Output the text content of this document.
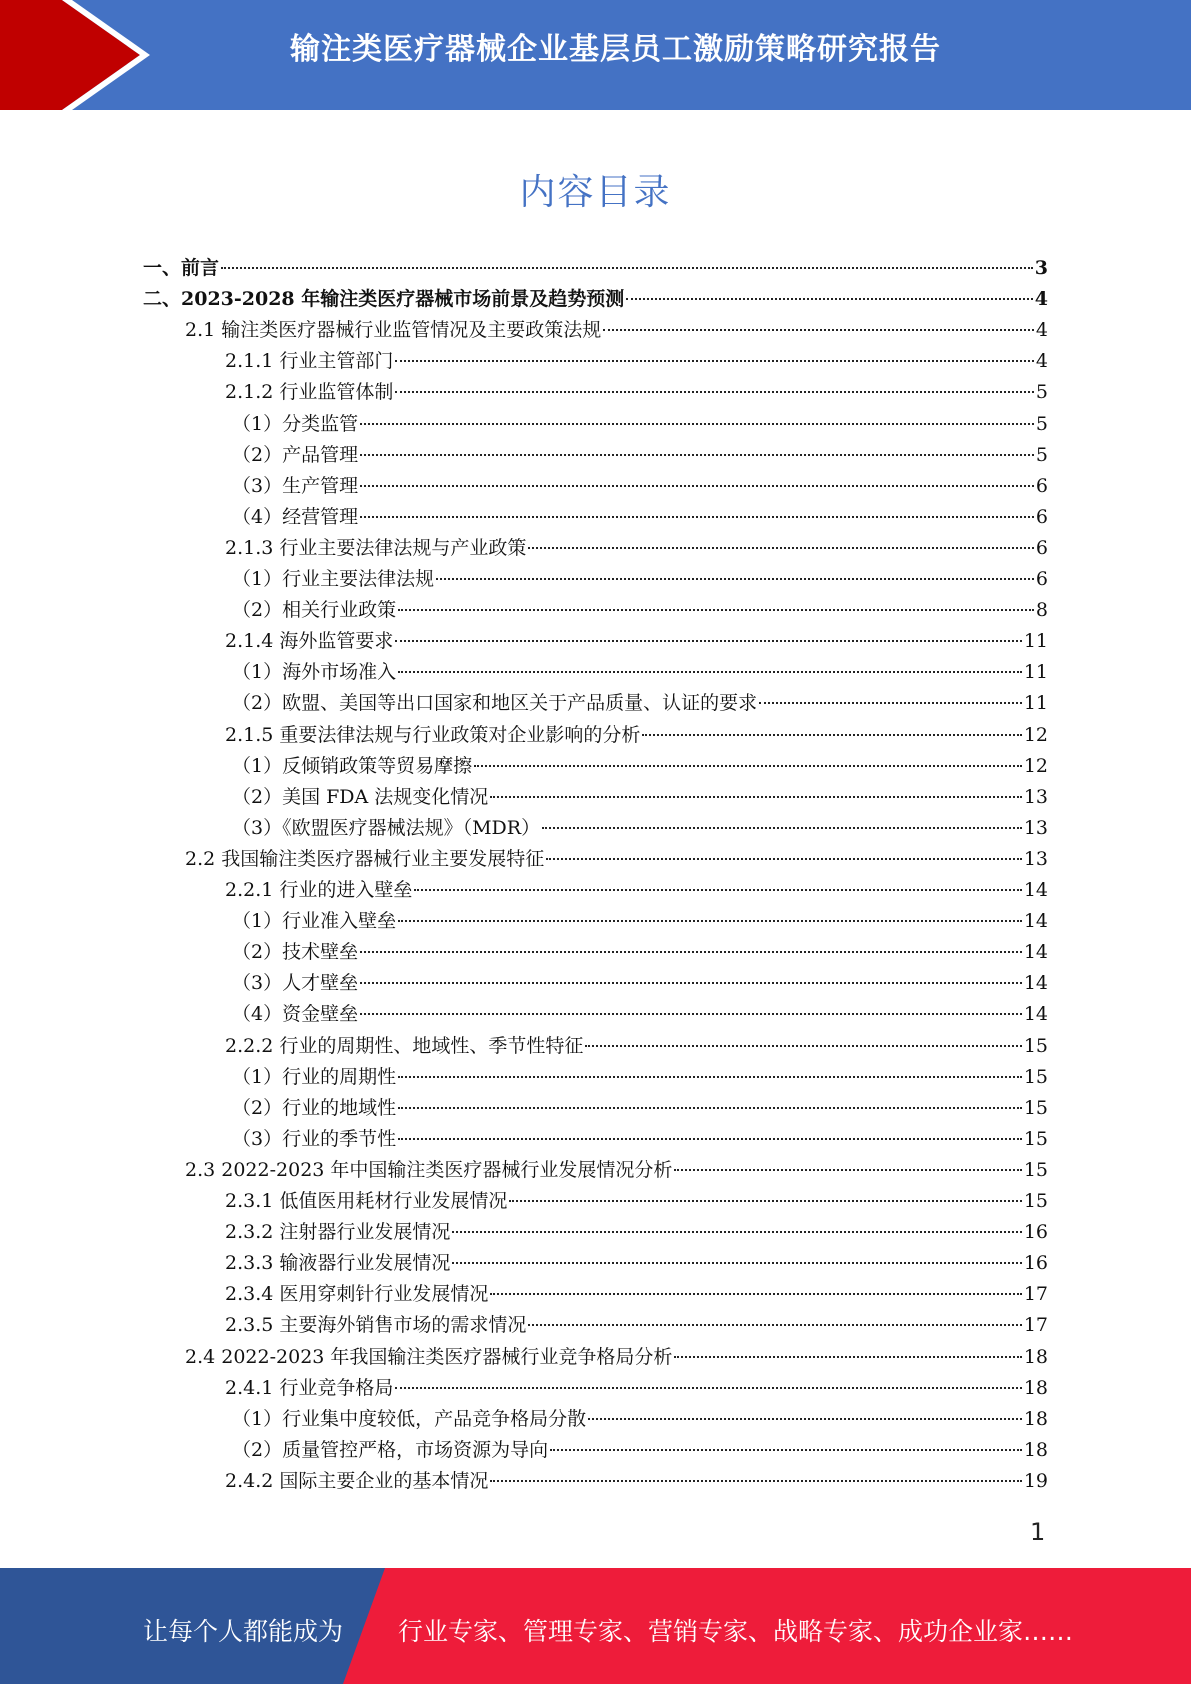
输注类医疗器械企业基层员工激励策略研究报告
内容目录
一、前言	3
二、2023-2028 年输注类医疗器械市场前景及趋势预测	4
2.1 输注类医疗器械行业监管情况及主要政策法规	4
2.1.1 行业主管部门	4
2.1.2 行业监管体制	5
（1）分类监管	5
（2）产品管理	5
（3）生产管理	6
（4）经营管理	6
2.1.3 行业主要法律法规与产业政策	6
（1）行业主要法律法规	6
（2）相关行业政策	8
2.1.4 海外监管要求	11
（1）海外市场准入	11
（2）欧盟、美国等出口国家和地区关于产品质量、认证的要求	11
2.1.5 重要法律法规与行业政策对企业影响的分析	12
（1）反倾销政策等贸易摩擦	12
（2）美国 FDA 法规变化情况	13
（3）《欧盟医疗器械法规》（MDR）	13
2.2 我国输注类医疗器械行业主要发展特征	13
2.2.1 行业的进入壁垒	14
（1）行业准入壁垒	14
（2）技术壁垒	14
（3）人才壁垒	14
（4）资金壁垒	14
2.2.2 行业的周期性、地域性、季节性特征	15
（1）行业的周期性	15
（2）行业的地域性	15
（3）行业的季节性	15
2.3 2022-2023 年中国输注类医疗器械行业发展情况分析	15
2.3.1 低值医用耗材行业发展情况	15
2.3.2 注射器行业发展情况	16
2.3.3 输液器行业发展情况	16
2.3.4 医用穿刺针行业发展情况	17
2.3.5 主要海外销售市场的需求情况	17
2.4 2022-2023 年我国输注类医疗器械行业竞争格局分析	18
2.4.1 行业竞争格局	18
（1）行业集中度较低，产品竞争格局分散	18
（2）质量管控严格，市场资源为导向	18
2.4.2 国际主要企业的基本情况	19
1
让每个人都能成为 行业专家、管理专家、营销专家、战略专家、成功企业家……
